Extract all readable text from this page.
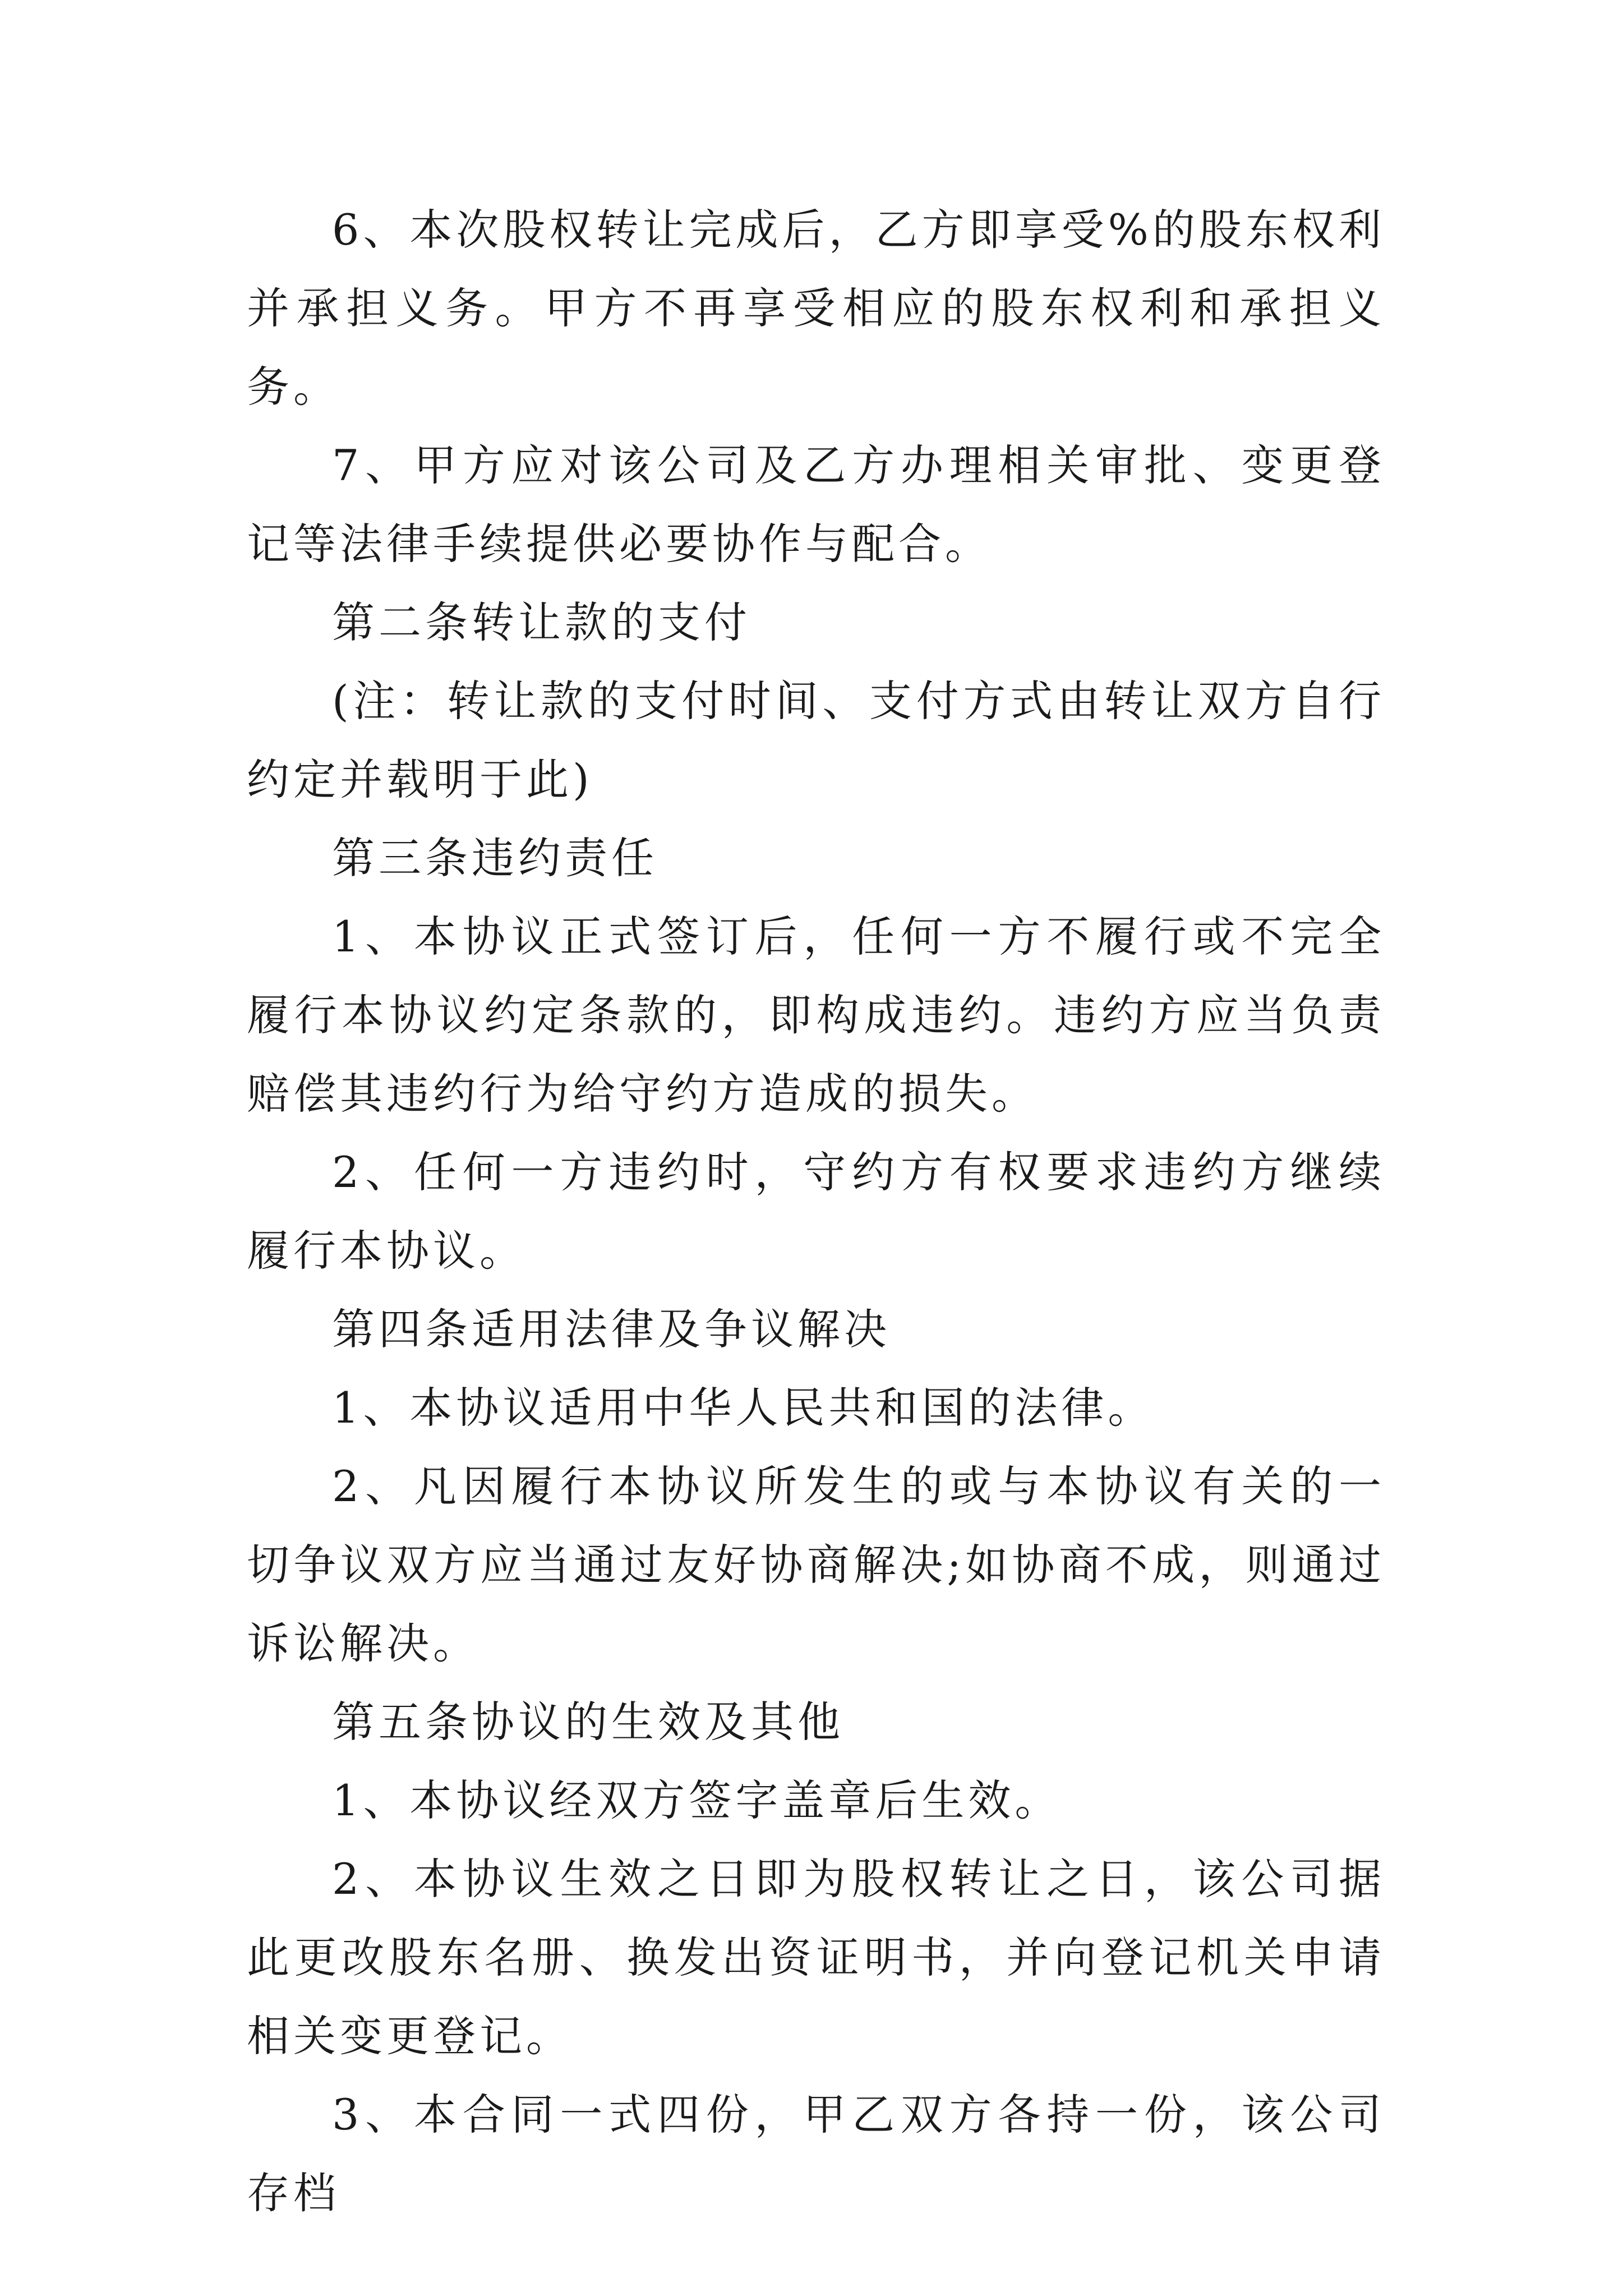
6、本次股权转让完成后，乙方即享受%的股东权利并承担义务。甲方不再享受相应的股东权利和承担义务。

7、甲方应对该公司及乙方办理相关审批、变更登记等法律手续提供必要协作与配合。

第二条转让款的支付

(注：转让款的支付时间、支付方式由转让双方自行约定并载明于此)

第三条违约责任

1、本协议正式签订后，任何一方不履行或不完全履行本协议约定条款的，即构成违约。违约方应当负责赔偿其违约行为给守约方造成的损失。

2、任何一方违约时，守约方有权要求违约方继续履行本协议。

第四条适用法律及争议解决

1、本协议适用中华人民共和国的法律。

2、凡因履行本协议所发生的或与本协议有关的一切争议双方应当通过友好协商解决;如协商不成，则通过诉讼解决。

第五条协议的生效及其他

1、本协议经双方签字盖章后生效。

2、本协议生效之日即为股权转让之日，该公司据此更改股东名册、换发出资证明书，并向登记机关申请相关变更登记。

3、本合同一式四份，甲乙双方各持一份，该公司存档
